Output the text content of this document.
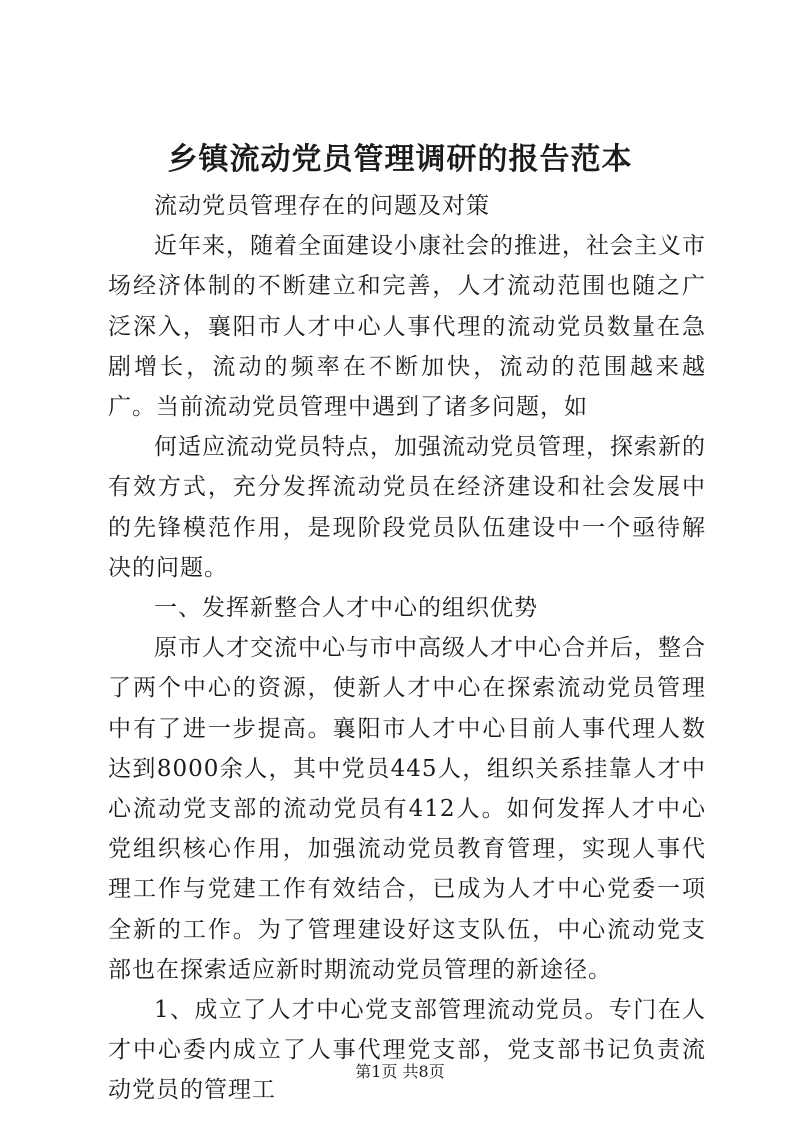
乡镇流动党员管理调研的报告范本

流动党员管理存在的问题及对策

近年来，随着全面建设小康社会的推进，社会主义市场经济体制的不断建立和完善，人才流动范围也随之广泛深入，襄阳市人才中心人事代理的流动党员数量在急剧增长，流动的频率在不断加快，流动的范围越来越广。当前流动党员管理中遇到了诸多问题，如

何适应流动党员特点，加强流动党员管理，探索新的有效方式，充分发挥流动党员在经济建设和社会发展中的先锋模范作用，是现阶段党员队伍建设中一个亟待解决的问题。

一、发挥新整合人才中心的组织优势

原市人才交流中心与市中高级人才中心合并后，整合了两个中心的资源，使新人才中心在探索流动党员管理中有了进一步提高。襄阳市人才中心目前人事代理人数达到8000余人，其中党员445人，组织关系挂靠人才中心流动党支部的流动党员有412人。如何发挥人才中心党组织核心作用，加强流动党员教育管理，实现人事代理工作与党建工作有效结合，已成为人才中心党委一项全新的工作。为了管理建设好这支队伍，中心流动党支部也在探索适应新时期流动党员管理的新途径。

1、成立了人才中心党支部管理流动党员。专门在人才中心委内成立了人事代理党支部，党支部书记负责流动党员的管理工

第1页 共8页
